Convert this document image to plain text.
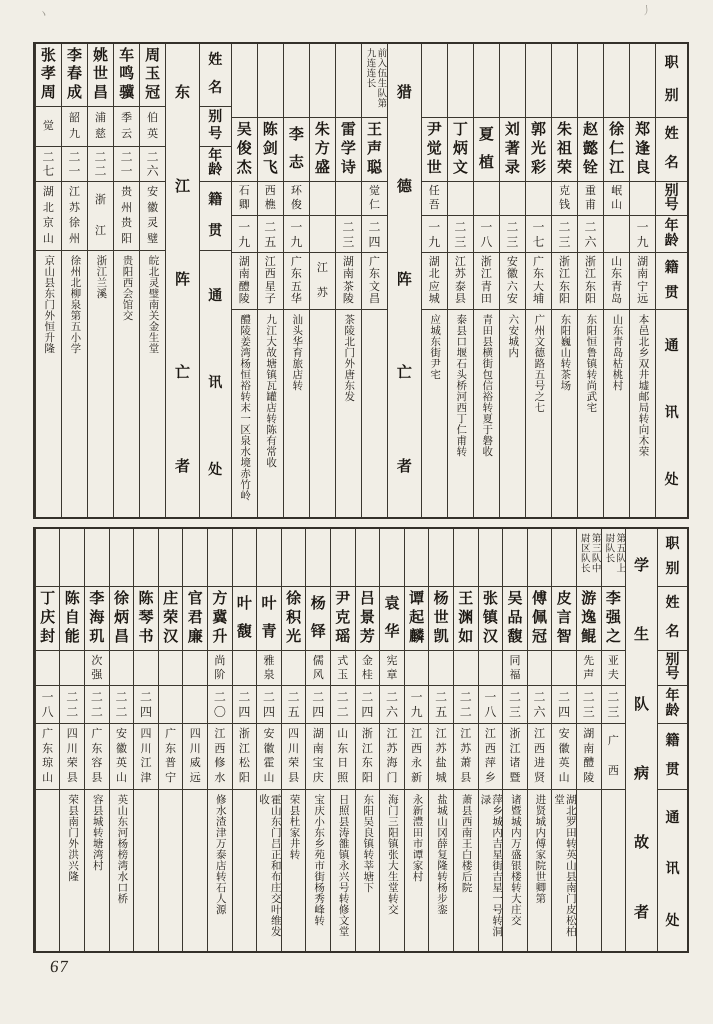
丶	丿
职
别
姓
名
别
号
年
龄
籍
贯
通
讯
处
郑
逢
良
一
九
湖
南
宁
远
本邑北乡双井墟邮局转向木荣
徐
仁
江
岷
山
山
东
青
岛
山东青岛枯桃村
赵
懿
铨
重
甫
二
六
浙
江
东
阳
东阳恒鲁镇转尚武宅
朱
祖
荣
克
钱
二
三
浙
江
东
阳
东阳巍山转茶场
郭
光
彩
一
七
广
东
大
埔
广州文德路五号之七
刘
著
录
二
三
安
徽
六
安
六安城内
夏
植
一
八
浙
江
青
田
青田县横街包信裕转夏于磐收
丁
炳
文
二
三
江
苏
泰
县
泰县口堰石头桥河西丁仁甫转
尹
觉
世
任
吾
一
九
湖
北
应
城
应城东街尹宅
猎
德
阵
亡
者
前入伍生队第九连连长
王
声
聪
觉
仁
二
四
广
东
文
昌
雷
学
诗
二
三
湖
南
茶
陵
茶陵北门外唐东发
朱
方
盛
江
苏
李
志
环
俊
一
九
广
东
五
华
汕头华育旅店转
陈
剑
飞
西
樵
二
五
江
西
星
子
九江大故塘镇瓦罐店转陈有常收
吴
俊
杰
石
卿
一
九
湖
南
醴
陵
醴陵姜湾杨恒裕转末一区泉水境赤竹岭
姓
名
别
号
年
龄
籍
贯
通
讯
处
东
江
阵
亡
者
周
玉
冠
伯
英
二
六
安
徽
灵
璧
皖北灵璧南关金生堂
车
鸣
骥
季
云
二
一
贵
州
贵
阳
贵阳西会馆交
姚
世
昌
浦
慈
二
二
浙
江
浙江兰溪
李
春
成
韶
九
二
一
江
苏
徐
州
徐州北柳泉第五小学
张
孝
周
觉
二
七
湖
北
京
山
京山县东门外恒升隆
职
别
姓
名
别
号
年
龄
籍
贯
通
讯
处
学
生
队
病
故
者
第五队上尉队长
李
强
之
亚
夫
二
三
广
西
第三队中尉区队长
游
逸
鲲
先
声
二
三
湖
南
醴
陵
皮
言
智
二
四
安
徽
英
山
湖北罗田转英山县南门皮松柏堂
傅
佩
冠
二
六
江
西
进
贤
进贤城内傅家院世卿第
吴
品
馥
同
福
二
三
浙
江
诸
暨
诸暨城内万盛银楼转大庄交
张
镇
汉
一
八
江
西
萍
乡
萍乡城内吉星街吉星一号转洞渌
王
渊
如
二
二
江
苏
萧
县
萧县西南王白楼后院
杨
世
凯
二
五
江
苏
盐
城
盐城山冈薛复隆转杨步銮
谭
起
麟
一
九
江
西
永
新
永新澧田市谭家村
袁
华
宪
章
二
六
江
苏
海
门
海门三阳镇张大生堂转交
吕
景
芳
金
桂
二
四
浙
江
东
阳
东阳吴良镇转莘塘下
尹
克
瑶
式
玉
二
二
山
东
日
照
日照县涛雒镇永兴号转修文堂
杨
铎
儒
风
二
四
湖
南
宝
庆
宝庆小东乡苑市街杨秀峰转
徐
积
光
二
五
四
川
荣
县
荣县杜家井转
叶
青
雅
泉
二
四
安
徽
霍
山
霍山东门吕正和布庄交叶维发收
叶
馥
二
四
浙
江
松
阳
方
冀
升
尚
阶
二
〇
江
西
修
水
修水渣津万泰店转石人源
官
君
廉
四
川
威
远
庄
荣
汉
广
东
普
宁
陈
琴
书
二
四
四
川
江
津
徐
炳
昌
二
二
安
徽
英
山
英山东河杨榜湾水口桥
李
海
玑
次
强
二
二
广
东
容
县
容县城转塘湾村
陈
自
能
二
二
四
川
荣
县
荣县南门外洪兴隆
丁
庆
封
一
八
广
东
琼
山
67
